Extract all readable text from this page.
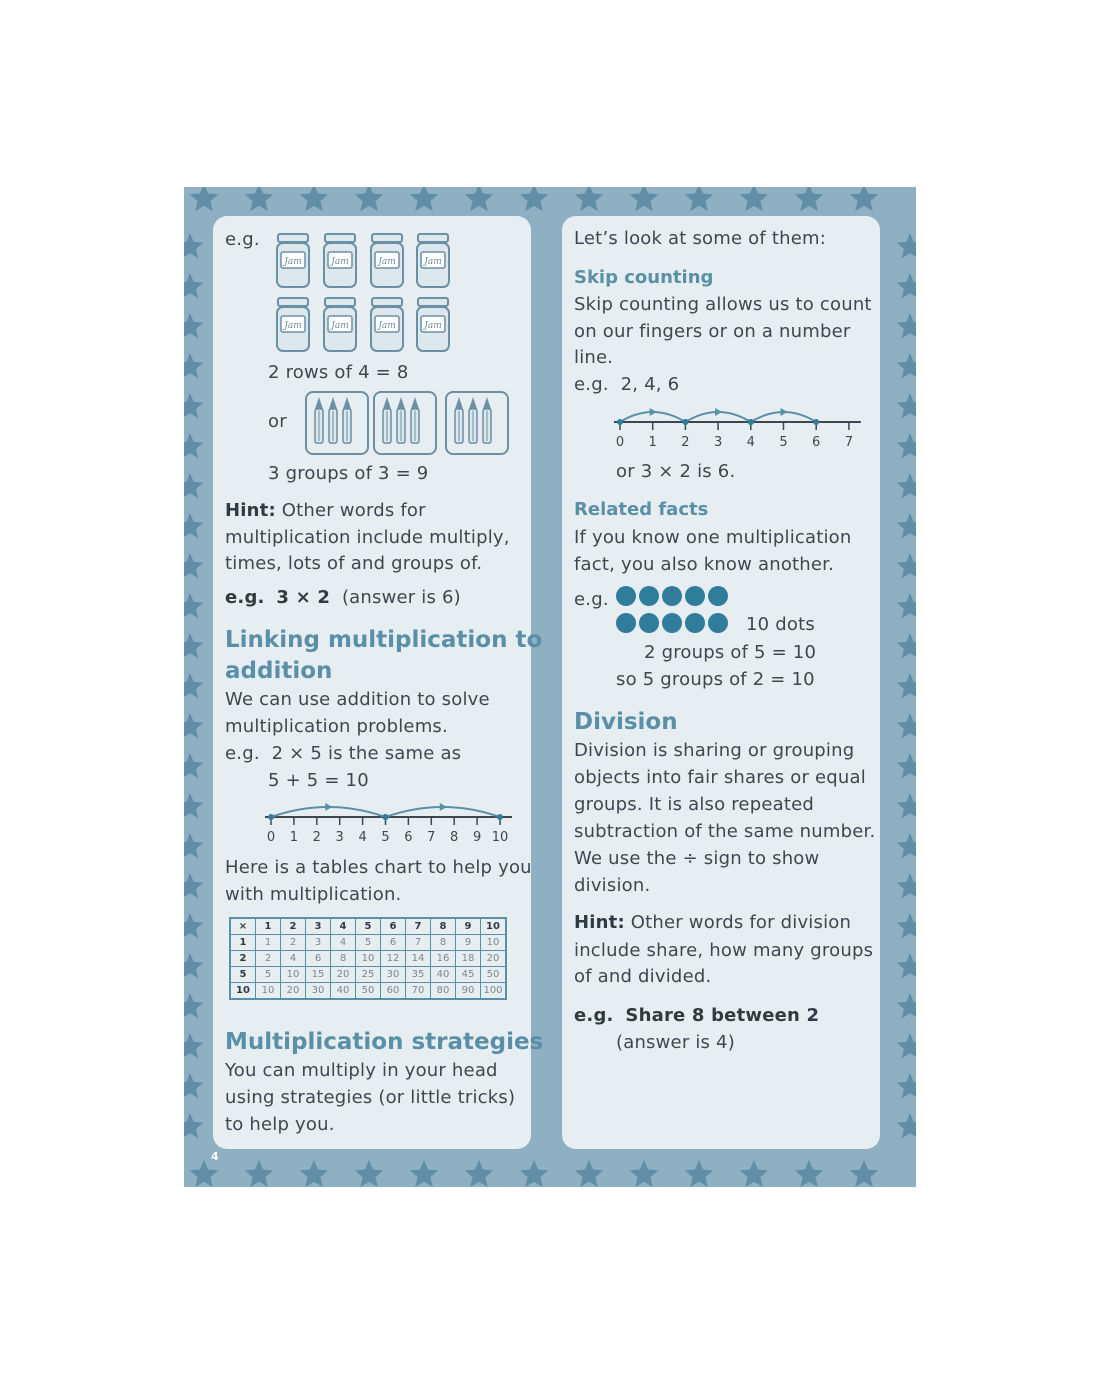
4
e.g.
Jam	Jam	Jam	Jam
Jam	Jam	Jam	Jam
2 rows of 4 = 8
or
3 groups of 3 = 9
Hint: Other words for
multiplication include multiply,
times, lots of and groups of.
e.g. 3 × 2 (answer is 6)
Linking multiplication to
addition
We can use addition to solve
multiplication problems.
e.g. 2 × 5 is the same as
5 + 5 = 10
0 1 2 3 4 5 6 7 8 9 10
Here is a tables chart to help you
with multiplication.
×	1	2	3	4	5	6	7	8	9	10
1	1	2	3	4	5	6	7	8	9	10
2	2	4	6	8	10	12	14	16	18	20
5	5	10	15	20	25	30	35	40	45	50
10	10	20	30	40	50	60	70	80	90	100
Multiplication strategies
You can multiply in your head
using strategies (or little tricks)
to help you.
Let’s look at some of them:
Skip counting
Skip counting allows us to count
on our fingers or on a number
line.
e.g. 2, 4, 6
0 1 2 3 4 5 6 7
or 3 × 2 is 6.
Related facts
If you know one multiplication
fact, you also know another.
e.g.
10 dots
2 groups of 5 = 10
so 5 groups of 2 = 10
Division
Division is sharing or grouping
objects into fair shares or equal
groups. It is also repeated
subtraction of the same number.
We use the ÷ sign to show
division.
Hint: Other words for division
include share, how many groups
of and divided.
e.g. Share 8 between 2
(answer is 4)
